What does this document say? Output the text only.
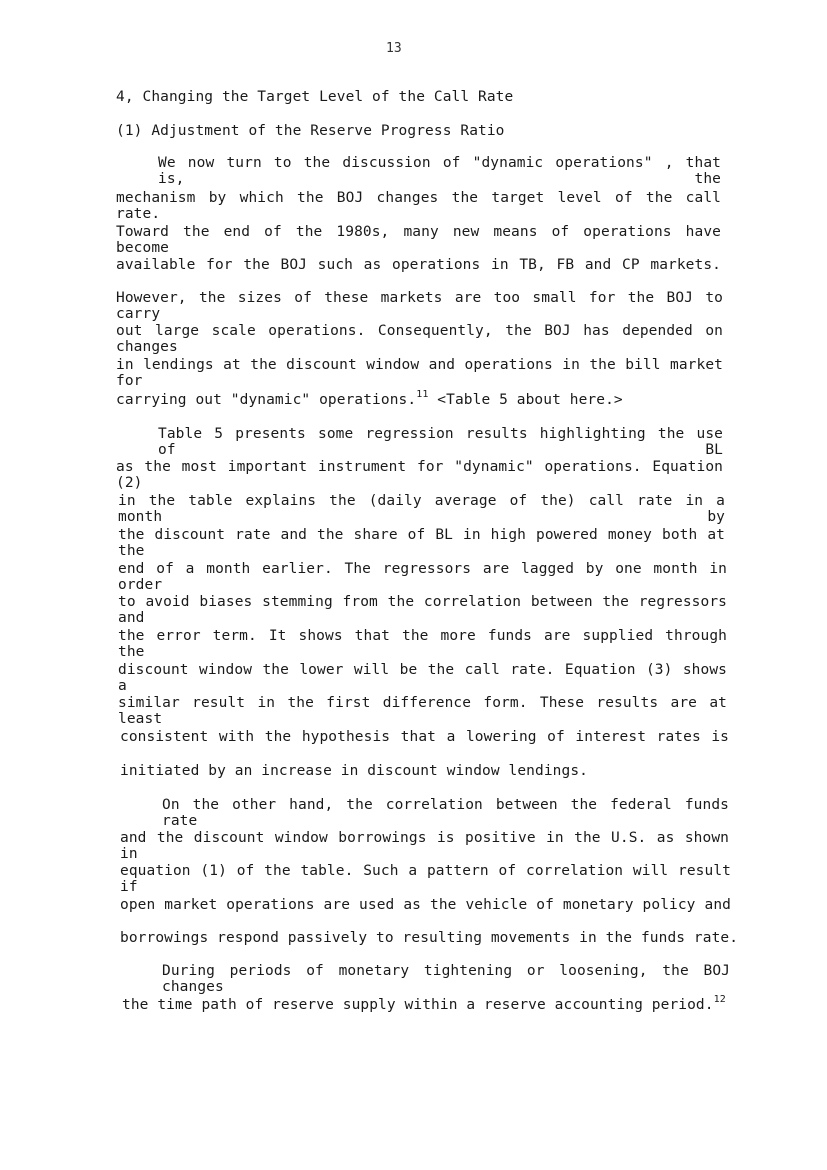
13
4, Changing the Target Level of the Call Rate
(1) Adjustment of the Reserve Progress Ratio
We now turn to the discussion of "dynamic operations" , that is, the
mechanism by which the BOJ changes the target level of the call rate.
Toward the end of the 1980s, many new means of operations have become
available for the BOJ such as operations in TB, FB and CP markets.
However, the sizes of these markets are too small for the BOJ to carry
out large scale operations. Consequently, the BOJ has depended on changes
in lendings at the discount window and operations in the bill market for
carrying out "dynamic" operations.$^{11}$ <Table 5 about here.>
Table 5 presents some regression results highlighting the use of BL
as the most important instrument for "dynamic" operations. Equation (2)
in the table explains the (daily average of the) call rate in a month by
the discount rate and the share of BL in high powered money both at the
end of a month earlier. The regressors are lagged by one month in order
to avoid biases stemming from the correlation between the regressors and
the error term. It shows that the more funds are supplied through the
discount window the lower will be the call rate. Equation (3) shows a
similar result in the first difference form. These results are at least
consistent with the hypothesis that a lowering of interest rates is
initiated by an increase in discount window lendings.
On the other hand, the correlation between the federal funds rate
and the discount window borrowings is positive in the U.S. as shown in
equation (1) of the table. Such a pattern of correlation will result if
open market operations are used as the vehicle of monetary policy and
borrowings respond passively to resulting movements in the funds rate.
During periods of monetary tightening or loosening, the BOJ changes
the time path of reserve supply within a reserve accounting period.$^{12}$
